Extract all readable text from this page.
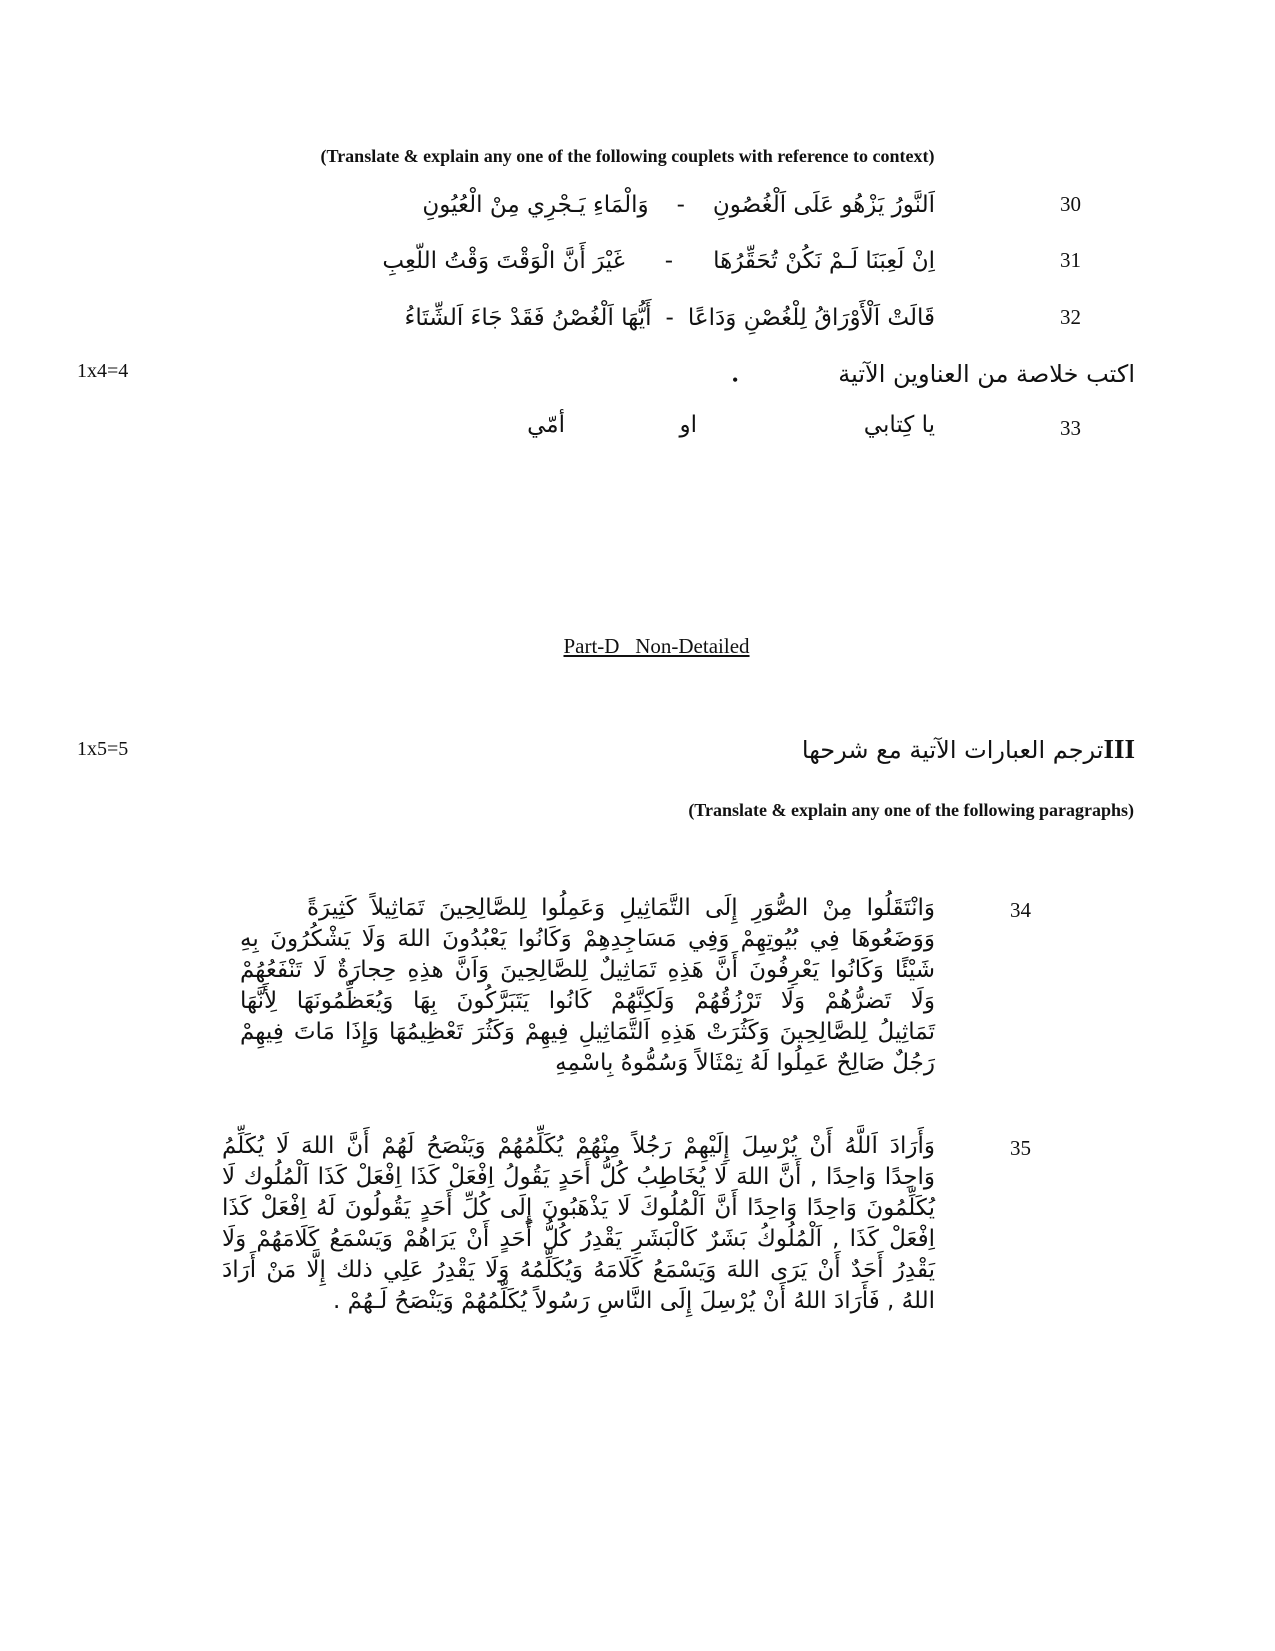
(Translate & explain any one of the following couplets with reference to context)
30
اَلنَّورُ يَزْهُو عَلَى اَلْغُصُونِ
-
وَالْمَاءِ يَـجْرِي مِنْ الْعُيُونِ
31
اِنْ لَعِبَنَا لَـمْ نَكُنْ تُحَقِّرُهَا
-
غَيْرَ أَنَّ الْوَقْتَ وَقْتُ اللّعِبِ
32
قَالَتْ اَلْأَوْرَاقُ لِلْغُصْنِ وَدَاعًا
-
أَيُّهَا اَلْغُصْنُ فَقَدْ جَاءَ اَلشِّتَاءُ
1x4=4	اكتب خلاصة من العناوين الآتية
•
33
يا كِتابي
او
أمّي
Part-D   Non-Detailed
1x5=5	III
ترجم العبارات الآتية مع شرحها
(Translate & explain any one of the following paragraphs)
34
وَانْتَقَلُوا مِنْ الصُّوَرِ إِلَى التَّمَاثِيلِ وَعَمِلُوا لِلصَّالِحِينَ تَمَاثِيلاً كَثِيرَةً
وَوَضَعُوهَا فِي بُيُوتِهِمْ وَفِي مَسَاجِدِهِمْ وَكَانُوا يَعْبُدُونَ اللهَ وَلَا يَشْكُرُونَ بِهِ
شَيْئًا وَكَانُوا يَعْرِفُونَ أَنَّ هَذِهِ تَمَاثِيلٌ لِلصَّالِحِينَ وَاَنَّ هذِهِ حِجارَةٌ لَا تَنْفَعُهُمْ
وَلَا تَضرُّهُمْ وَلَا تَرْزُقُهُمْ وَلَكِنَّهُمْ كَانُوا يَتَبَرَّكُونَ بِهَا وَيُعَظِّمُونَهَا لِأَنَّهَا
تَمَاثِيلُ لِلصَّالِحِينَ وَكَثُرَتْ هَذِهِ اَلتَّمَاثِيلِ فِيهِمْ وَكَثُرَ تَعْظِيمُهَا وَإِذَا مَاتَ فِيهِمْ
رَجُلٌ صَالِحٌ عَمِلُوا لَهُ تِمْثَالاً وَسُمُّوهُ بِاسْمِهِ
35
وَأَرَادَ اَللَّهُ أَنْ يُرْسِلَ إِلَيْهِمْ رَجُلاً مِنْهُمْ يُكَلِّمُهُمْ وَيَنْصَحُ لَهُمْ أَنَّ اللهَ لَا يُكَلِّمُ
وَاحِدًا وَاحِدًا , أَنَّ اللهَ لَا يُخَاطِبُ كُلُّ أَحَدٍ يَقُولُ اِفْعَلْ كَذَا اِفْعَلْ كَذَا اَلْمُلُوك لَا
يُكَلِّمُونَ وَاحِدًا وَاحِدًا أَنَّ اَلْمُلُوكَ لَا يَذْهَبُونَ إِلَى كُلِّ أَحَدٍ يَقُولُونَ لَهُ اِفْعَلْ كَذَا
اِفْعَلْ كَذَا , اَلْمُلُوكُ بَشَرٌ كَالْبَشَرِ يَقْدِرُ كُلُّ أَحَدٍ أَنْ يَرَاهُمْ وَيَسْمَعُ كَلَامَهُمْ وَلَا
يَقْدِرُ أَحَدٌ أَنْ يَرَى اللهَ وَيَسْمَعُ كَلَامَهُ وَيُكَلِّمُهُ وَلَا يَقْدِرُ عَلِي ذلك إِلَّا مَنْ أَرَادَ
اللهُ , فَأَرَادَ اللهُ أَنْ يُرْسِلَ إِلَى النَّاسِ رَسُولاً يُكَلِّمُهُمْ وَيَنْصَحُ لَـهُمْ .
